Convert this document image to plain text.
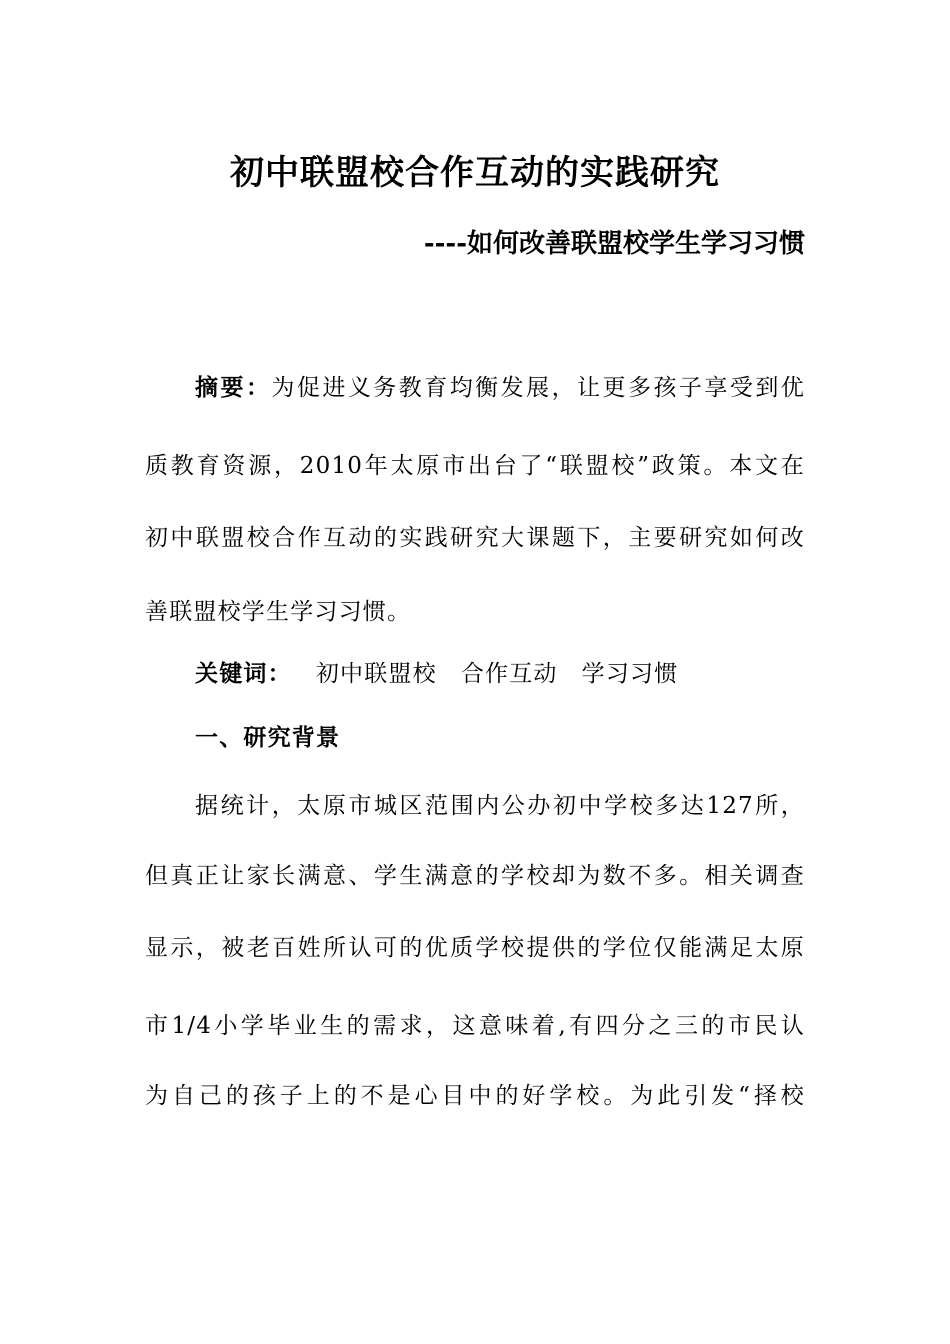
初中联盟校合作互动的实践研究
----如何改善联盟校学生学习习惯
摘要：为促进义务教育均衡发展，让更多孩子享受到优
质教育资源，2010年太原市出台了“联盟校”政策。本文在
初中联盟校合作互动的实践研究大课题下，主要研究如何改
善联盟校学生学习习惯。
关键词： 初中联盟校 合作互动 学习习惯
一、研究背景
据统计，太原市城区范围内公办初中学校多达127所，
但真正让家长满意、学生满意的学校却为数不多。相关调查
显示，被老百姓所认可的优质学校提供的学位仅能满足太原
市1/4小学毕业生的需求，这意味着,有四分之三的市民认
为自己的孩子上的不是心目中的好学校。为此引发“择校
